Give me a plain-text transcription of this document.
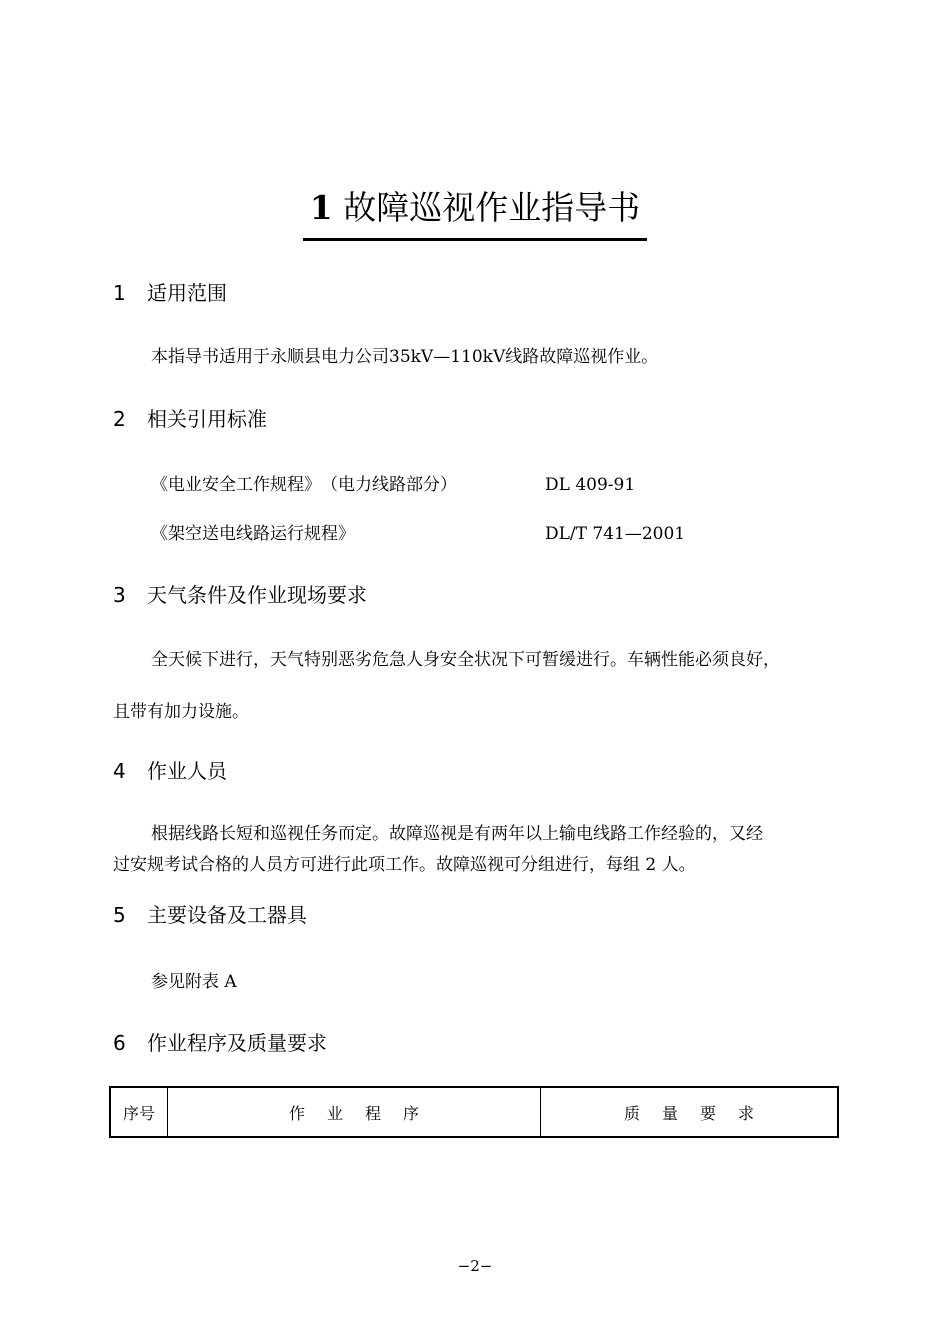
1 故障巡视作业指导书
1 适用范围
本指导书适用于永顺县电力公司35kV—110kV线路故障巡视作业。
2 相关引用标准
《电业安全工作规程》　（电力线路部分）	DL 409-91
《架空送电线路运行规程》	DL/T 741—2001
3 天气条件及作业现场要求
全天候下进行，天气特别恶劣危急人身安全状况下可暂缓进行。车辆性能必须良好，
且带有加力设施。
4 作业人员
根据线路长短和巡视任务而定。故障巡视是有两年以上输电线路工作经验的，又经
过安规考试合格的人员方可进行此项工作。故障巡视可分组进行，每组 2 人。
5 主要设备及工器具
参见附表 A
6 作业程序及质量要求
序号	作业程序	质量要求
−2−
